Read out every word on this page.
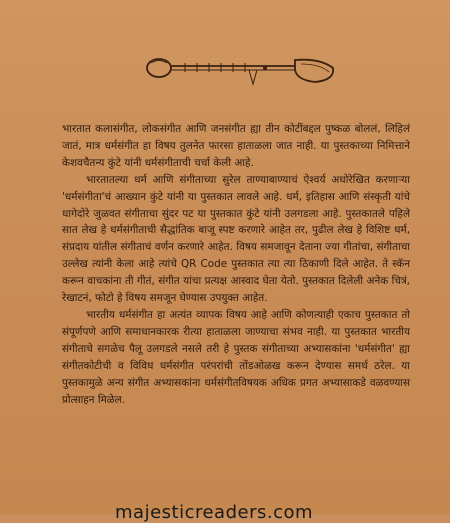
भारतात कलासंगीत, लोकसंगीत आणि जनसंगीत ह्या तीन कोटींबद्दल पुष्कळ बोललं, लिहिलं जातं, मात्र धर्मसंगीत हा विषय तुलनेत फारसा हाताळला जात नाही. या पुस्तकाच्या निमित्ताने केशवचैतन्य कुंटे यांनी धर्मसंगीताची चर्चा केली आहे.

भारतातल्या धर्म आणि संगीताच्या सुरेल ताण्याबाण्याचं ऐश्वर्य अधोरेखित करणाऱ्या 'धर्मसंगीता'चं आख्यान कुंटे यांनी या पुस्तकात लावले आहे. धर्म, इतिहास आणि संस्कृती यांचे धागेदोरे जुळवत संगीताचा सुंदर पट या पुस्तकात कुंटे यांनी उलगडला आहे. पुस्तकातले पहिले सात लेख हे धर्मसंगीताची सैद्धांतिक बाजू स्पष्ट करणारे आहेत तर, पुढील लेख हे विशिष्ट धर्म, संप्रदाय यांतील संगीताचं वर्णन करणारे आहेत. विषय समजावून देताना ज्या गीतांचा, संगीताचा उल्लेख त्यांनी केला आहे त्यांचे QR Code पुस्तकात त्या त्या ठिकाणी दिले आहेत. ते स्कॅन करून वाचकांना ती गीतं, संगीत यांचा प्रत्यक्ष आस्वाद घेता येतो. पुस्तकात दिलेली अनेक चित्रं, रेखाटनं, फोटो हे विषय समजून घेण्यास उपयुक्त आहेत.

भारतीय धर्मसंगीत हा अत्यंत व्यापक विषय आहे आणि कोणत्याही एकाच पुस्तकात तो संपूर्णपणे आणि समाधानकारक रीत्या हाताळला जाण्याचा संभव नाही. या पुस्तकात भारतीय संगीताचे सगळेच पैलू उलगडले नसले तरी हे पुस्तक संगीताच्या अभ्यासकांना 'धर्मसंगीत' ह्या संगीतकोटीची व विविध धर्मसंगीत परंपरांची तोंडओळख करून देण्यास समर्थ ठरेल. या पुस्तकामुळे अन्य संगीत अभ्यासकांना धर्मसंगीतविषयक अधिक प्रगत अभ्यासाकडे वळवण्यास प्रोत्साहन मिळेल.

majesticreaders.com
